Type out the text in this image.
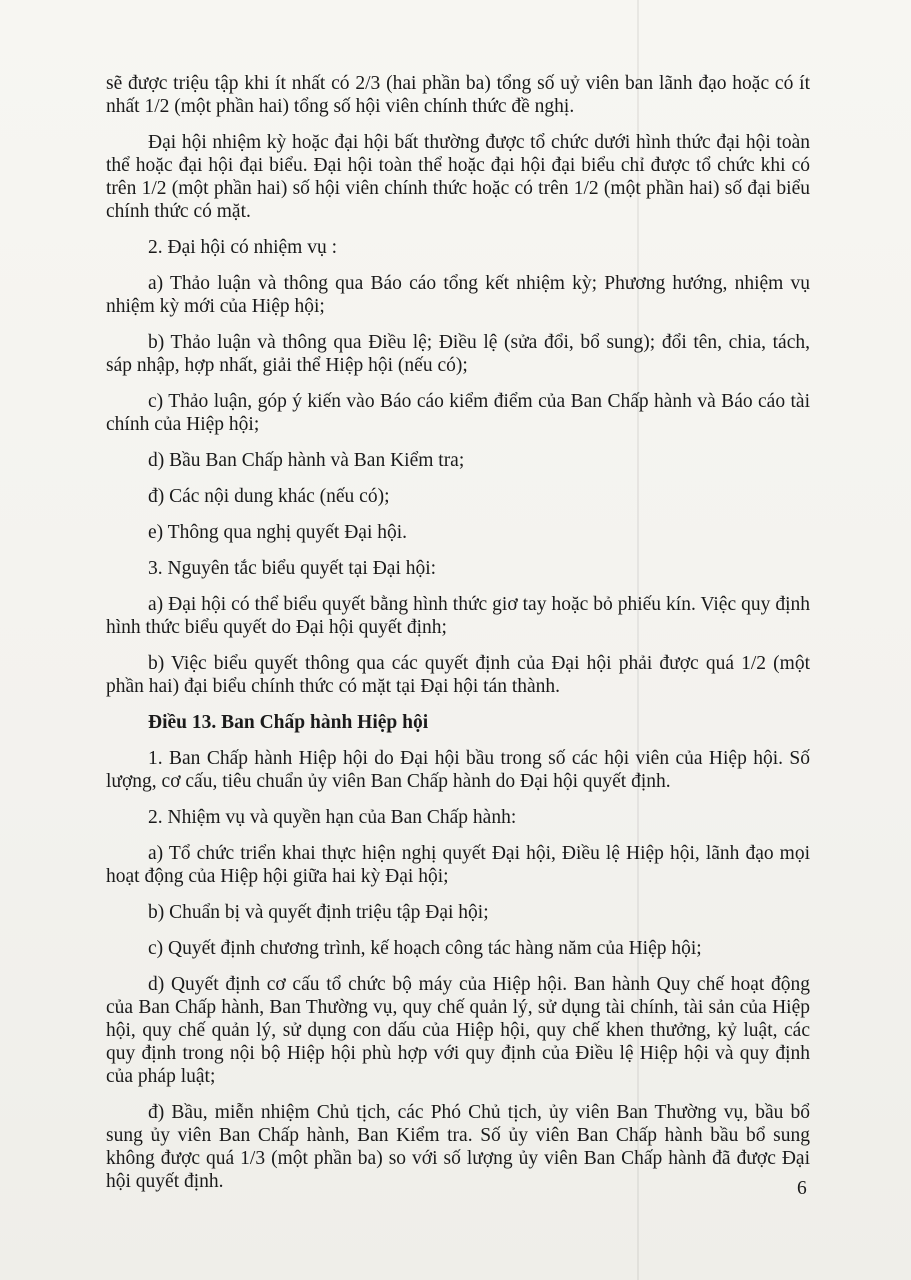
sẽ được triệu tập khi ít nhất có 2/3 (hai phần ba) tổng số uỷ viên ban lãnh đạo hoặc có ít nhất 1/2 (một phần hai) tổng số hội viên chính thức đề nghị.

Đại hội nhiệm kỳ hoặc đại hội bất thường được tổ chức dưới hình thức đại hội toàn thể hoặc đại hội đại biểu. Đại hội toàn thể hoặc đại hội đại biểu chỉ được tổ chức khi có trên 1/2 (một phần hai) số hội viên chính thức hoặc có trên 1/2 (một phần hai) số đại biểu chính thức có mặt.

2. Đại hội có nhiệm vụ :

a) Thảo luận và thông qua Báo cáo tổng kết nhiệm kỳ; Phương hướng, nhiệm vụ nhiệm kỳ mới của Hiệp hội;

b) Thảo luận và thông qua Điều lệ; Điều lệ (sửa đổi, bổ sung); đổi tên, chia, tách, sáp nhập, hợp nhất, giải thể Hiệp hội (nếu có);

c) Thảo luận, góp ý kiến vào Báo cáo kiểm điểm của Ban Chấp hành và Báo cáo tài chính của Hiệp hội;

d) Bầu Ban Chấp hành và Ban Kiểm tra;

đ) Các nội dung khác (nếu có);

e) Thông qua nghị quyết Đại hội.

3. Nguyên tắc biểu quyết tại Đại hội:

a) Đại hội có thể biểu quyết bằng hình thức giơ tay hoặc bỏ phiếu kín. Việc quy định hình thức biểu quyết do Đại hội quyết định;

b) Việc biểu quyết thông qua các quyết định của Đại hội phải được quá 1/2 (một phần hai) đại biểu chính thức có mặt tại Đại hội tán thành.

Điều 13. Ban Chấp hành Hiệp hội

1. Ban Chấp hành Hiệp hội do Đại hội bầu trong số các hội viên của Hiệp hội. Số lượng, cơ cấu, tiêu chuẩn ủy viên Ban Chấp hành do Đại hội quyết định.

2. Nhiệm vụ và quyền hạn của Ban Chấp hành:

a) Tổ chức triển khai thực hiện nghị quyết Đại hội, Điều lệ Hiệp hội, lãnh đạo mọi hoạt động của Hiệp hội giữa hai kỳ Đại hội;

b) Chuẩn bị và quyết định triệu tập Đại hội;

c) Quyết định chương trình, kế hoạch công tác hàng năm của Hiệp hội;

d) Quyết định cơ cấu tổ chức bộ máy của Hiệp hội. Ban hành Quy chế hoạt động của Ban Chấp hành, Ban Thường vụ, quy chế quản lý, sử dụng tài chính, tài sản của Hiệp hội, quy chế quản lý, sử dụng con dấu của Hiệp hội, quy chế khen thưởng, kỷ luật, các quy định trong nội bộ Hiệp hội phù hợp với quy định của Điều lệ Hiệp hội và quy định của pháp luật;

đ) Bầu, miễn nhiệm Chủ tịch, các Phó Chủ tịch, ủy viên Ban Thường vụ, bầu bổ sung ủy viên Ban Chấp hành, Ban Kiểm tra. Số ủy viên Ban Chấp hành bầu bổ sung không được quá 1/3 (một phần ba) so với số lượng ủy viên Ban Chấp hành đã được Đại hội quyết định.	6
